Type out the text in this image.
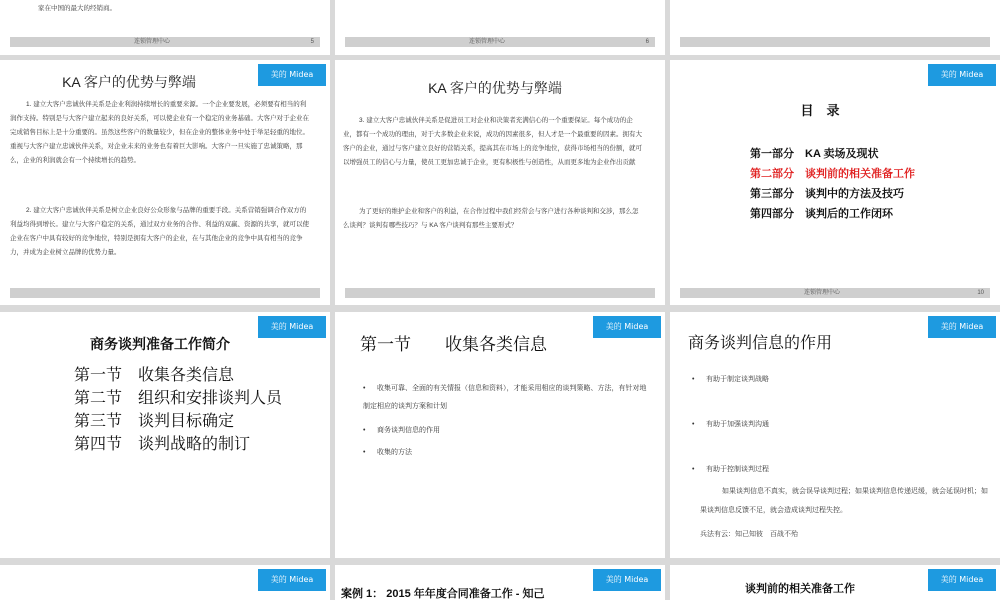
家在中国的最大的经销商。
连锁管理中心	5	连锁管理中心	6
KA 客户的优势与弊端	美的 Midea
1. 建立大客户忠诚伙伴关系是企业利润持续增长的重要来源。一个企业要发展，必须要有相当的利润作支持。特别是与大客户建立起来的良好关系，可以使企业有一个稳定的业务基础。大客户对于企业在完成销售目标上是十分重要的。虽然这些客户的数量较少，但在企业的整体业务中处于举足轻重的地位。重视与大客户建立忠诚伙伴关系，对企业未来的业务也有着巨大影响。大客户一旦实施了忠诚策略，那么，企业的利润就会有一个持续增长的趋势。
2. 建立大客户忠诚伙伴关系是树立企业良好公众形象与品牌的重要手段。关系营销强调合作双方的利益均得到增长。建立与大客户稳定的关系，通过双方业务的合作、利益的双赢、资源的共享，就可以使企业在客户中具有较好的竞争地位，特别是拥有大客户的企业，在与其他企业的竞争中具有相当的竞争力，并成为企业树立品牌的优势力量。
KA 客户的优势与弊端
3. 建立大客户忠诚伙伴关系是促进员工对企业和决策者充满信心的一个重要保证。每个成功的企业，都有一个成功的理由，对于大多数企业来说，成功的因素很多，但人才是一个最重要的因素。拥有大客户的企业，通过与客户建立良好的营销关系，提高其在市场上的竞争地位，获得市场相当的份额，就可以增强员工的信心与力量，使员工更加忠诚于企业，更有积极性与创造性，从而更多地为企业作出贡献
为了更好的维护企业和客户的利益，在合作过程中我们经常会与客户进行各种谈判和交涉，那么怎么谈判？谈判有哪些技巧？与 KA 客户谈判有那些主要形式？
美的 Midea
目　录
第一部分　 KA 卖场及现状
第二部分　 谈判前的相关准备工作
第三部分　 谈判中的方法及技巧
第四部分　 谈判后的工作闭环
连锁管理中心	10
美的 Midea
商务谈判准备工作简介
第一节　 收集各类信息
第二节　 组织和安排谈判人员
第三节　 谈判目标确定
第四节　 谈判战略的制订
美的 Midea
第一节　　 收集各类信息
• 收集可靠、全面的有关情报（信息和资料），才能采用相应的谈判策略、方法，有针对地制定相应的谈判方案和计划
• 商务谈判信息的作用
• 收集的方法
美的 Midea
商务谈判信息的作用
• 有助于制定谈判战略
• 有助于加强谈判沟通
• 有助于控制谈判过程
如果谈判信息不真实，就会误导谈判过程；如果谈判信息传递迟缓，就会延误时机；如果谈判信息反馈不足，就会造成谈判过程失控。
兵法有云：知己知彼　百战不殆
美的 Midea	美的 Midea
案例 1： 2015 年年度合同准备工作 - 知己
美的 Midea
谈判前的相关准备工作
